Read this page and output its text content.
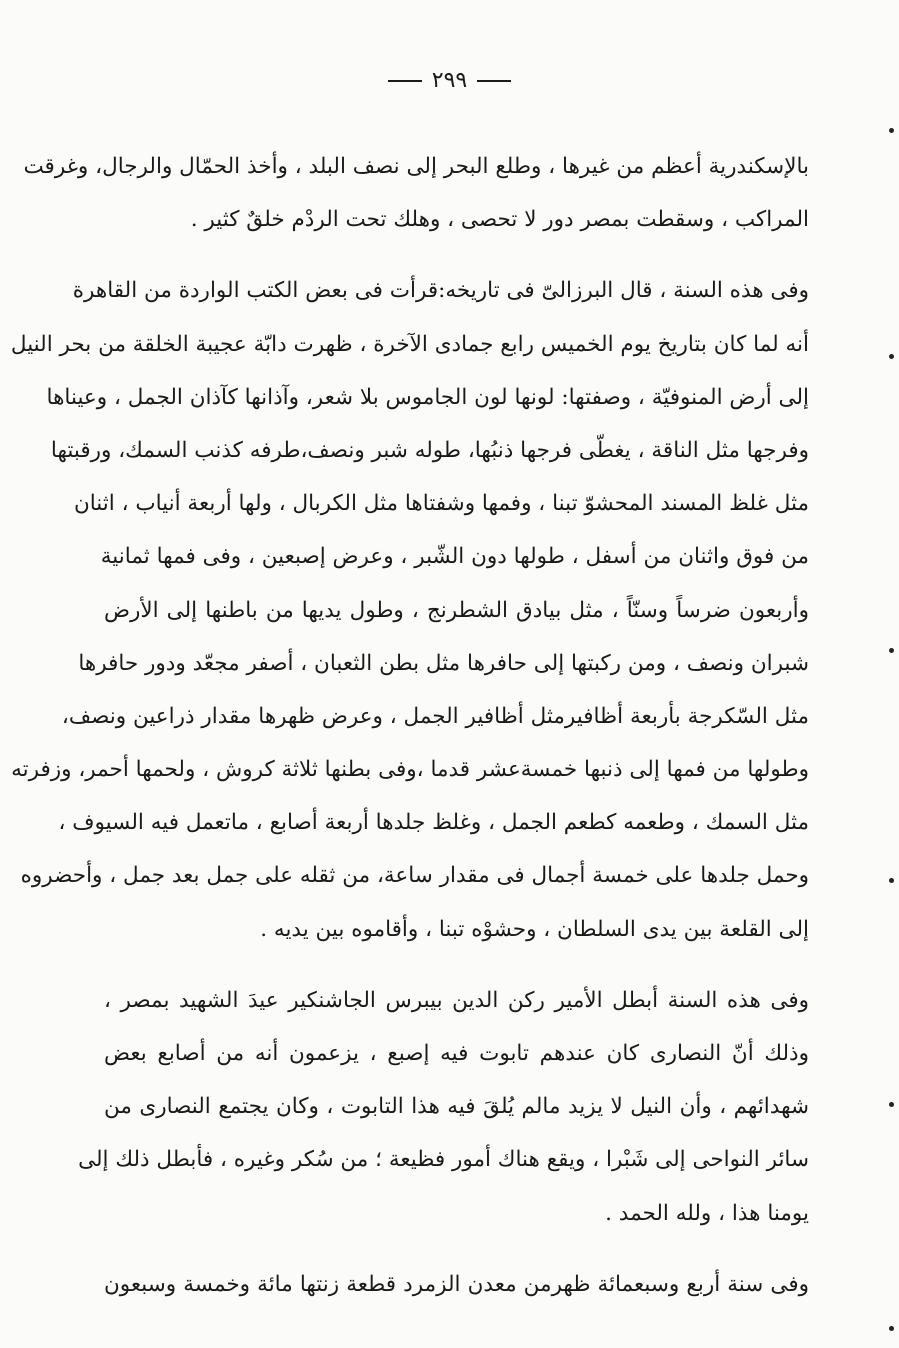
٢٩٩
بالإسكندرية أعظم من غيرها ، وطلع البحر إلى نصف البلد ، وأخذ الحمّال والرجال، وغرقت
المراكب ، وسقطت بمصر دور لا تحصى ، وهلك تحت الردْم خلقٌ كثير .
وفى هذه السنة ، قال البرزالىّ فى تاريخه:قرأت فى بعض الكتب الواردة من القاهرة
أنه لما كان بتاريخ يوم الخميس رابع جمادى الآخرة ، ظهرت دابّة عجيبة الخلقة من بحر النيل
إلى أرض المنوفيّة ، وصفتها: لونها لون الجاموس بلا شعر، وآذانها كآذان الجمل ، وعيناها
وفرجها مثل الناقة ، يغطّى فرجها ذنبُها، طوله شبر ونصف،طرفه كذنب السمك، ورقبتها
مثل غلظ المسند المحشوّ تبنا ، وفمها وشفتاها مثل الكربال ، ولها أربعة أنياب ، اثنان
من فوق واثنان من أسفل ، طولها دون الشّبر ، وعرض إصبعين ، وفى فمها ثمانية
وأربعون ضرساً وسنّاً ، مثل بيادق الشطرنج ، وطول يديها من باطنها إلى الأرض
شبران ونصف ، ومن ركبتها إلى حافرها مثل بطن الثعبان ، أصفر مجعّد ودور حافرها
مثل السّكرجة بأربعة أظافيرمثل أظافير الجمل ، وعرض ظهرها مقدار ذراعين ونصف،
وطولها من فمها إلى ذنبها خمسةعشر قدما ،وفى بطنها ثلاثة كروش ، ولحمها أحمر، وزفرته
مثل السمك ، وطعمه كطعم الجمل ، وغلظ جلدها أربعة أصابع ، ماتعمل فيه السيوف ،
وحمل جلدها على خمسة أجمال فى مقدار ساعة، من ثقله على جمل بعد جمل ، وأحضروه
إلى القلعة بين يدى السلطان ، وحشوْه تبنا ، وأقاموه بين يديه .
وفى هذه السنة أبطل الأمير ركن الدين بيبرس الجاشنكير عيدَ الشهيد بمصر ،
وذلك أنّ النصارى كان عندهم تابوت فيه إصبع ، يزعمون أنه من أصابع بعض
شهدائهم ، وأن النيل لا يزيد مالم يُلقَ فيه هذا التابوت ، وكان يجتمع النصارى من
سائر النواحى إلى شَبْرا ، ويقع هناك أمور فظيعة ؛ من سُكر وغيره ، فأبطل ذلك إلى
يومنا هذا ، ولله الحمد .
وفى سنة أربع وسبعمائة ظهرمن معدن الزمرد قطعة زنتها مائة وخمسة وسبعون
